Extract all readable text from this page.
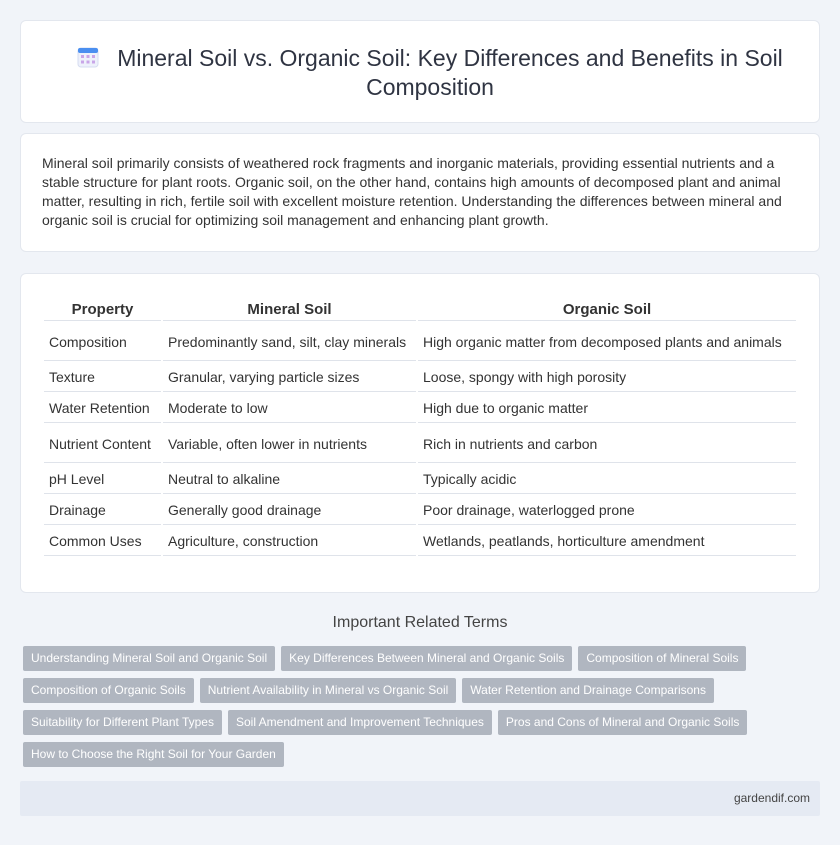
Mineral Soil vs. Organic Soil: Key Differences and Benefits in Soil Composition

Mineral soil primarily consists of weathered rock fragments and inorganic materials, providing essential nutrients and a stable structure for plant roots. Organic soil, on the other hand, contains high amounts of decomposed plant and animal matter, resulting in rich, fertile soil with excellent moisture retention. Understanding the differences between mineral and organic soil is crucial for optimizing soil management and enhancing plant growth.

Property	Mineral Soil	Organic Soil
Composition	Predominantly sand, silt, clay minerals	High organic matter from decomposed plants and animals
Texture	Granular, varying particle sizes	Loose, spongy with high porosity
Water Retention	Moderate to low	High due to organic matter
Nutrient Content	Variable, often lower in nutrients	Rich in nutrients and carbon
pH Level	Neutral to alkaline	Typically acidic
Drainage	Generally good drainage	Poor drainage, waterlogged prone
Common Uses	Agriculture, construction	Wetlands, peatlands, horticulture amendment
Important Related Terms
Understanding Mineral Soil and Organic Soil Key Differences Between Mineral and Organic Soils Composition of Mineral Soils
Composition of Organic Soils Nutrient Availability in Mineral vs Organic Soil Water Retention and Drainage Comparisons
Suitability for Different Plant Types Soil Amendment and Improvement Techniques Pros and Cons of Mineral and Organic Soils
How to Choose the Right Soil for Your Garden
gardendif.com
